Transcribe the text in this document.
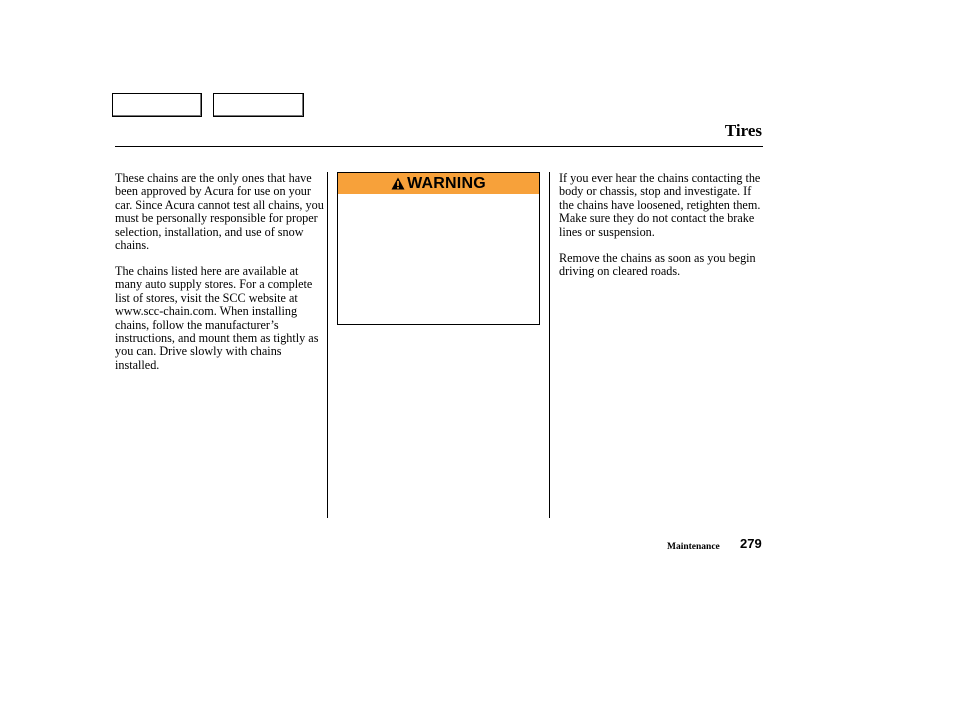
Tires

These chains are the only ones that have been approved by Acura for use on your car. Since Acura cannot test all chains, you must be personally responsible for proper selection, installation, and use of snow chains.

The chains listed here are available at many auto supply stores. For a complete list of stores, visit the SCC website at www.scc-chain.com. When installing chains, follow the manufacturer’s instructions, and mount them as tightly as you can. Drive slowly with chains installed.

WARNING	If you ever hear the chains contacting the body or chassis, stop and investigate. If the chains have loosened, retighten them. Make sure they do not contact the brake lines or suspension.

Remove the chains as soon as you begin driving on cleared roads.

Maintenance 279
